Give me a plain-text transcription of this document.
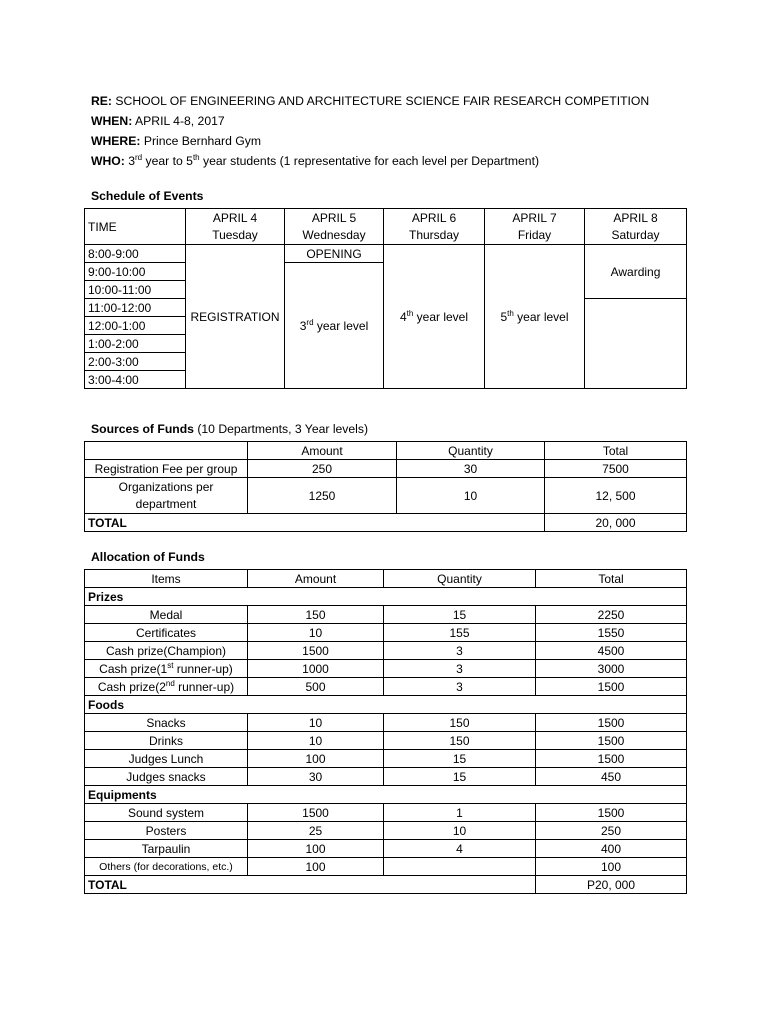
RE: SCHOOL OF ENGINEERING AND ARCHITECTURE SCIENCE FAIR RESEARCH COMPETITION
WHEN: APRIL 4-8, 2017
WHERE: Prince Bernhard Gym
WHO: 3rd year to 5th year students (1 representative for each level per Department)
Schedule of Events
TIME	APRIL 4	APRIL 5	APRIL 6	APRIL 7	APRIL 8
	Tuesday	Wednesday	Thursday	Friday	Saturday
8:00-9:00	REGISTRATION	OPENING	4th year level	5th year level	Awarding
9:00-10:00		3rd year level			
10:00-11:00					
11:00-12:00					
12:00-1:00					
1:00-2:00					
2:00-3:00					
3:00-4:00					
Sources of Funds (10 Departments, 3 Year levels)
	Amount	Quantity	Total
Registration Fee per group	250	30	7500
Organizations per department	1250	10	12, 500
TOTAL			20, 000
Allocation of Funds
Items	Amount	Quantity	Total
Prizes			
Medal	150	15	2250
Certificates	10	155	1550
Cash prize(Champion)	1500	3	4500
Cash prize(1st runner-up)	1000	3	3000
Cash prize(2nd runner-up)	500	3	1500
Foods			
Snacks	10	150	1500
Drinks	10	150	1500
Judges Lunch	100	15	1500
Judges snacks	30	15	450
Equipments			
Sound system	1500	1	1500
Posters	25	10	250
Tarpaulin	100	4	400
Others (for decorations, etc.)	100		100
TOTAL			P20, 000
